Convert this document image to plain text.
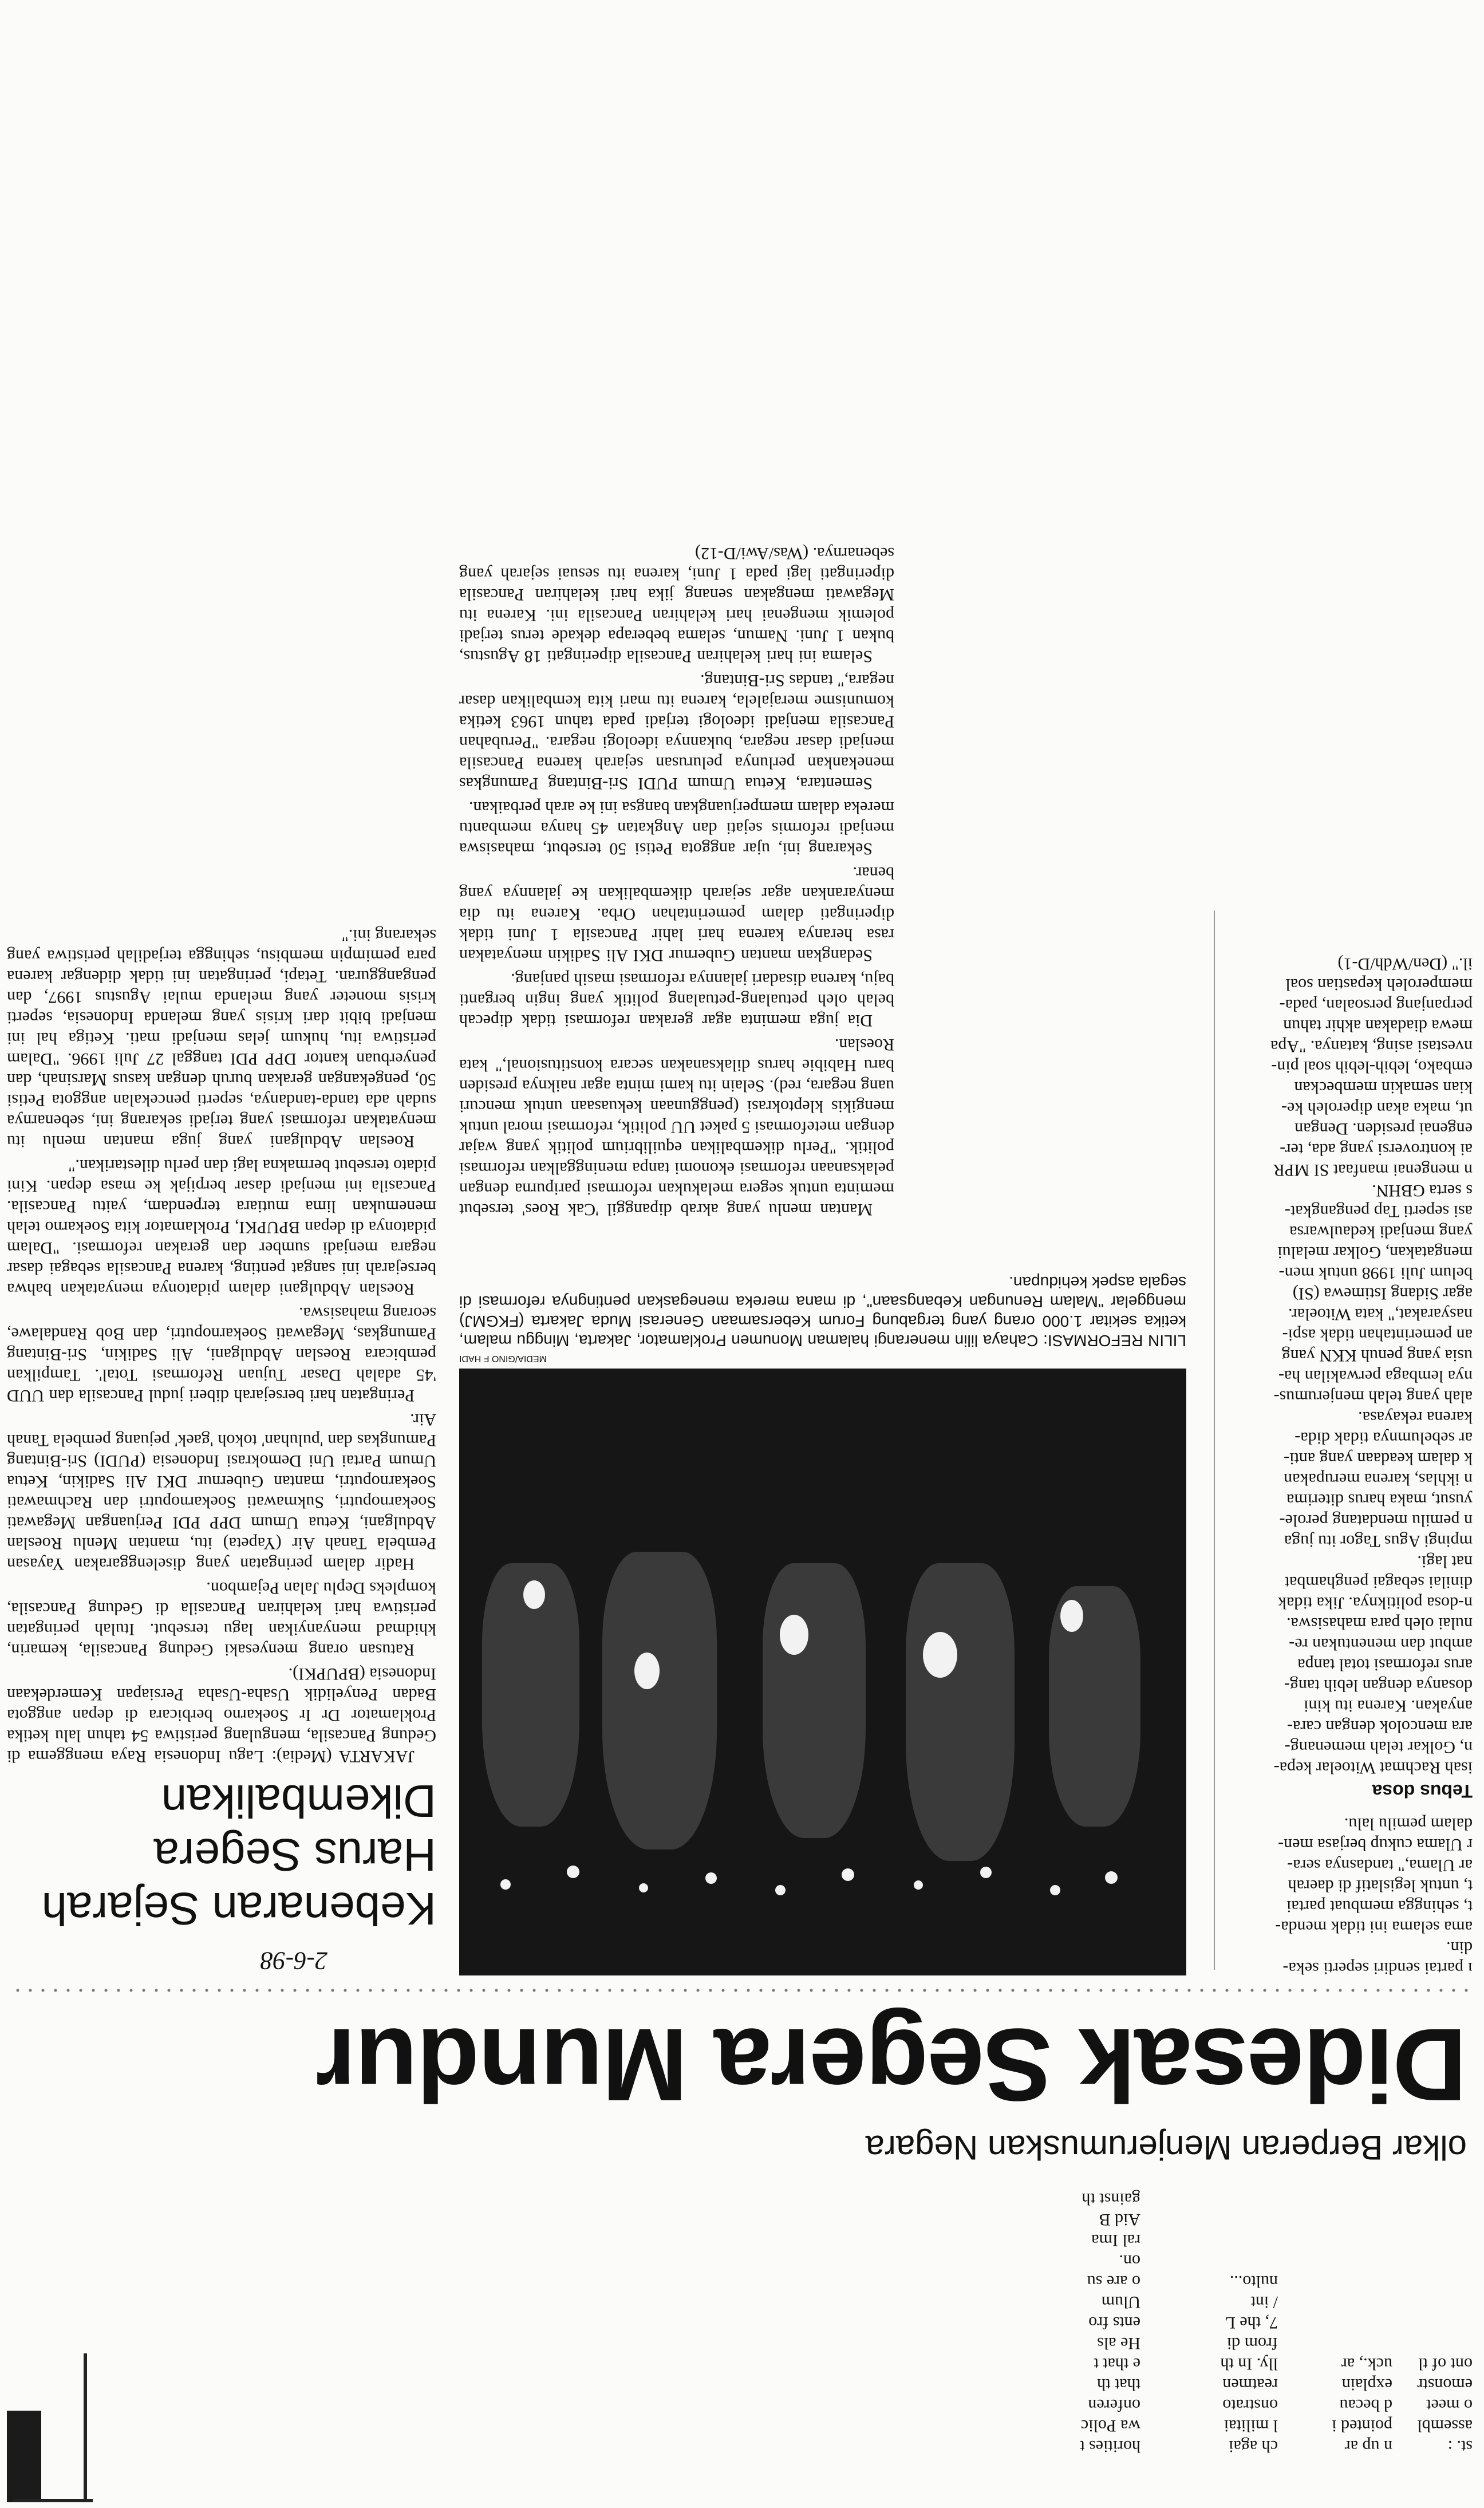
st. :
assembl
o meet
emonstr
ont of tl
n up ar
pointed i
d becau
explain
uck., ar
ch agai
l militai
onstrato
reatmen
lly. In th
from di
7, the L
/ int
nulto...
horities t
wa Polic
onferen
that th
e that t
He als
ents fro
Ulum
o are su
on.
ral Ima
Aid B
gainst th
olkar Berperan Menjerumuskan Negara
Didesak Segera Mundur
ı partai sendiri seperti seka-
din.
ama selama ini tidak menda-
t, sehingga membuat partai
t, untuk legislatif di daerah
ar Ulama," tandasnya sera-
r Ulama cukup berjasa men-
dalam pemilu lalu.
Tebus dosa
isah Rachmat Witoelar kepa-
n, Golkar telah memenang-
ara mencolok dengan cara-
anyakan. Karena itu kini
dosanya dengan lebih tang-
arus reformasi total tanpa
ambut dan menentukan re-
nulai oleh para mahasiswa.
n-dosa politiknya. Jika tidak
dinilai sebagai penghambat
nat lagi.
mpingi Agus Tagor itu juga
n pemilu mendatang perole-
yusut, maka harus diterima
n ikhlas, karena merupakan
k dalam keadaan yang anti-
ar sebelumnya tidak dida-
karena rekayasa.
alah yang telah menjerumus-
nya lembaga perwakilan ha-
usia yang penuh KKN yang
an pemerintahan tidak aspi-
nasyarakat," kata Witoelar.
agar Sidang Istimewa (SI)
belum Juli 1998 untuk men-
mengatakan, Golkar melalui
yang menjadi kedaulwarsa
asi seperti Tap pengangkat-
s serta GBHN.
n mengenai manfaat SI MPR
ai kontroversi yang ada, ter-
engenai presiden. Dengan
ut, maka akan diperoleh ke-
kian semakin membeckan
embako, lebih-lebih soal pin-
nvestasi asing, katanya. "Apa
mewa diadakan akhir tahun
perpanjang persoalan, pada-
memperoleh kepastian soal
il." (Den/Wdh/D-1)
MEDIA/GINO F HADI
LILIN REFORMASI: Cahaya lilin menerangi halaman Monumen Proklamator, Jakarta, Minggu malam, ketika sekitar 1.000 orang yang tergabung Forum Kebersamaan Generasi Muda Jakarta (FKGMJ) menggelar "Malam Renungan Kebangsaan", di mana mereka menegaskan pentingnya reformasi di segala aspek kehidupan.
2-6-98
Kebenaran Sejarah
Harus Segera
Dikembalikan

JAKARTA (Media): Lagu Indonesia Raya menggema di Gedung Pancasila, mengulang peristiwa 54 tahun lalu ketika Proklamator Dr Ir Soekarno berbicara di depan anggota Badan Penyelidik Usaha-Usaha Persiapan Kemerdekaan Indonesia (BPUPKI).

Ratusan orang menyesaki Gedung Pancasila, kemarin, khidmad menyanyikan lagu tersebut. Itulah peringatan peristiwa hari kelahiran Pancasila di Gedung Pancasila, kompleks Deplu Jalan Pejambon.

Hadir dalam peringatan yang diselenggarakan Yayasan Pembela Tanah Air (Yapeta) itu, mantan Menlu Roeslan Abdulgani, Ketua Umum DPP PDI Perjuangan Megawati Soekarnoputri, Sukmawati Soekarnoputri dan Rachmawati Soekarnoputri, mantan Gubernur DKI Ali Sadikin, Ketua Umum Partai Uni Demokrasi Indonesia (PUDI) Sri-Bintang Pamungkas dan 'puluhan' tokoh 'gaek' pejuang pembela Tanah Air.

Peringatan hari bersejarah diberi judul Pancasila dan UUD '45 adalah Dasar Tujuan Reformasi Total'. Tampilkan pembicara Roeslan Abdulgani, Ali Sadikin, Sri-Bintang Pamungkas, Megawati Soekarnoputri, dan Bob Randalawe, seorang mahasiswa.

Roeslan Abdulgani dalam pidatonya menyatakan bahwa bersejarah ini sangat penting, karena Pancasila sebagai dasar negara menjadi sumber dan gerakan reformasi. "Dalam pidatonya di depan BPUPKI, Proklamator kita Soekarno telah menemukan lima mutiara terpendam, yaitu Pancasila. Pancasila ini menjadi dasar berpijak ke masa depan. Kini pidato tersebut bermakna lagi dan perlu dilestarikan."

Roeslan Abdulgani yang juga mantan menlu itu menyatakan reformasi yang terjadi sekarang ini, sebenarnya sudah ada tanda-tandanya, seperti pencekalan anggota Petisi 50, pengekangan gerakan buruh dengan kasus Marsinah, dan penyerbuan kantor DPP PDI tanggal 27 Juli 1996. "Dalam peristiwa itu, hukum jelas menjadi mati. Ketiga hal ini menjadi bibit dari krisis yang melanda Indonesia, seperti krisis moneter yang melanda mulai Agustus 1997, dan pengangguran. Tetapi, peringatan ini tidak didengar karena para pemimpin membisu, sehingga terjadilah peristiwa yang sekarang ini."

Mantan menlu yang akrab dipanggil 'Cak Roes' tersebut meminta untuk segera melakukan reformasi paripurna dengan pelaksanaan reformasi ekonomi tanpa meninggalkan reformasi politik. "Perlu dikembalikan equilibrium politik yang wajar dengan meteformasi 5 paket UU politik, reformasi moral untuk mengikis kleptokrasi (penggunaan kekuasaan untuk mencuri uang negara, red). Selain itu kami minta agar naiknya presiden baru Habibie harus dilaksanakan secara konstitusional," kata Roeslan.

Dia juga meminta agar gerakan reformasi tidak dipecah belah oleh petualang-petualang politik yang ingin berganti baju, karena disadari jalannya reformasi masih panjang.

Sedangkan mantan Gubernur DKI Ali Sadikin menyatakan rasa heranya karena hari lahir Pancasila 1 Juni tidak diperingati dalam pemerintahan Orba. Karena itu dia menyarankan agar sejarah dikembalikan ke jalannya yang benar.

Sekarang ini, ujar anggota Petisi 50 tersebut, mahasiswa menjadi reformis sejati dan Angkatan 45 hanya membantu mereka dalam memperjuangkan bangsa ini ke arah perbaikan.

Sementara, Ketua Umum PUDI Sri-Bintang Pamungkas menekankan perlunya pelurusan sejarah karena Pancasila menjadi dasar negara, bukannya ideologi negara. "Perubahan Pancasila menjadi ideologi terjadi pada tahun 1963 ketika komunisme merajalela, karena itu mari kita kembalikan dasar negara," tandas Sri-Bintang.

Selama ini hari kelahiran Pancasila diperingati 18 Agustus, bukan 1 Juni. Namun, selama beberapa dekade terus terjadi polemik mengenai hari kelahiran Pancasila ini. Karena itu Megawati mengakan senang jika hari kelahiran Pancasila diperingati lagi pada 1 Juni, karena itu sesuai sejarah yang sebenarnya. (Was/Awi/D-12)
